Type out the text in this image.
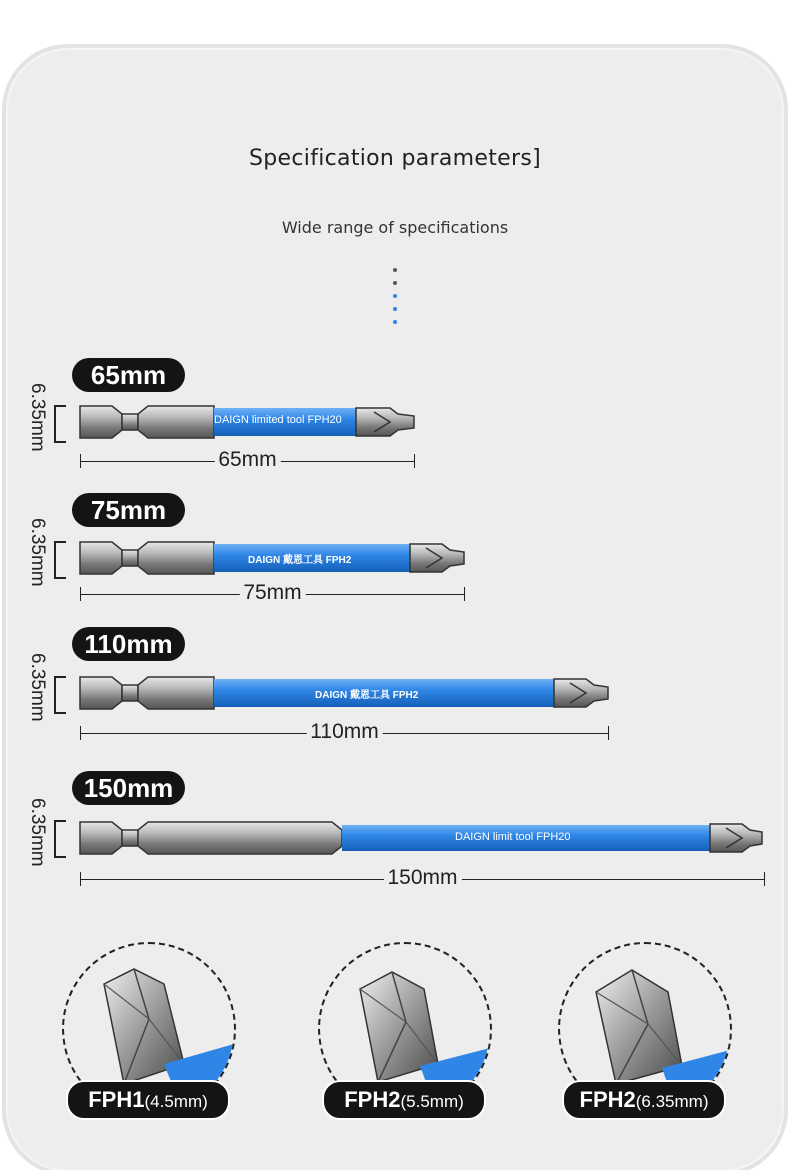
Specification parameters]
Wide range of specifications
65mm
6.35mm	DAIGN limited tool FPH20
65mm
75mm
6.35mm	DAIGN 戴恩工具 FPH2
75mm
110mm
6.35mm	DAIGN 戴恩工具 FPH2
110mm
150mm
6.35mm	DAIGN limit tool FPH20
150mm
FPH1(4.5mm)	FPH2(5.5mm)	FPH2(6.35mm)
